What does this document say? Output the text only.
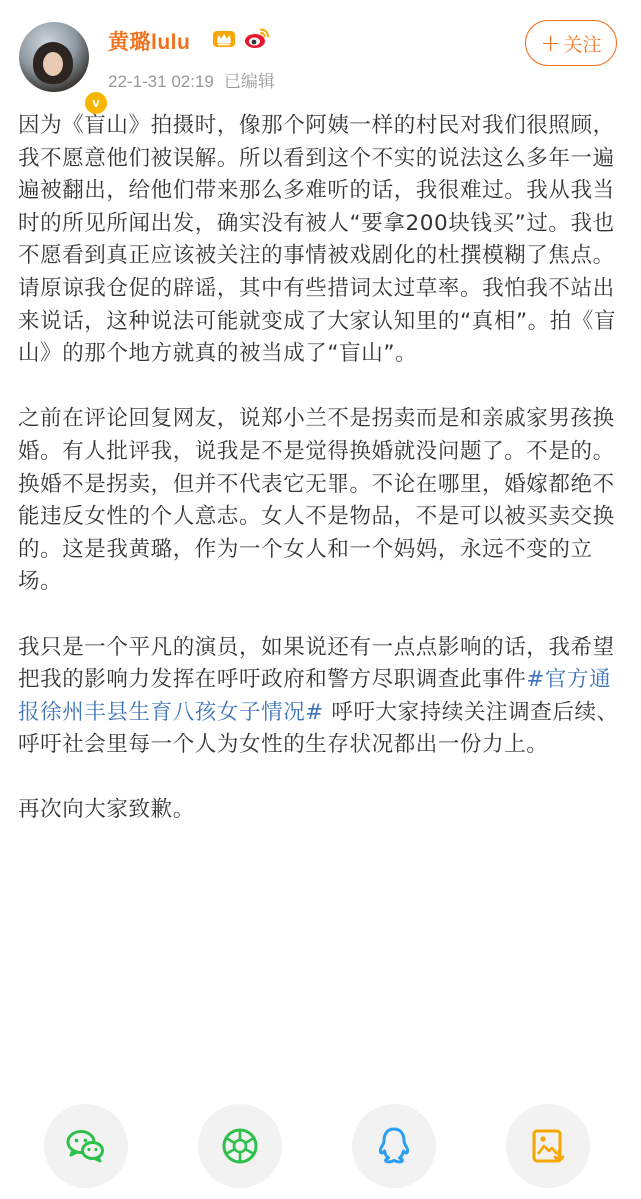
v
黄璐lulu
22-1-31 02:19 已编辑
+ 关注

因为《盲山》拍摄时，像那个阿姨一样的村民对我们很照顾，我不愿意他们被误解。所以看到这个不实的说法这么多年一遍遍被翻出，给他们带来那么多难听的话，我很难过。我从我当时的所见所闻出发，确实没有被人“要拿200块钱买”过。我也不愿看到真正应该被关注的事情被戏剧化的杜撰模糊了焦点。请原谅我仓促的辟谣，其中有些措词太过草率。我怕我不站出来说话，这种说法可能就变成了大家认知里的“真相”。拍《盲山》的那个地方就真的被当成了“盲山”。

之前在评论回复网友，说郑小兰不是拐卖而是和亲戚家男孩换婚。有人批评我，说我是不是觉得换婚就没问题了。不是的。换婚不是拐卖，但并不代表它无罪。不论在哪里，婚嫁都绝不能违反女性的个人意志。女人不是物品，不是可以被买卖交换的。这是我黄璐，作为一个女人和一个妈妈，永远不变的立场。

我只是一个平凡的演员，如果说还有一点点影响的话，我希望把我的影响力发挥在呼吁政府和警方尽职调查此事件#官方通报徐州丰县生育八孩女子情况# 呼吁大家持续关注调查后续、呼吁社会里每一个人为女性的生存状况都出一份力上。

再次向大家致歉。
